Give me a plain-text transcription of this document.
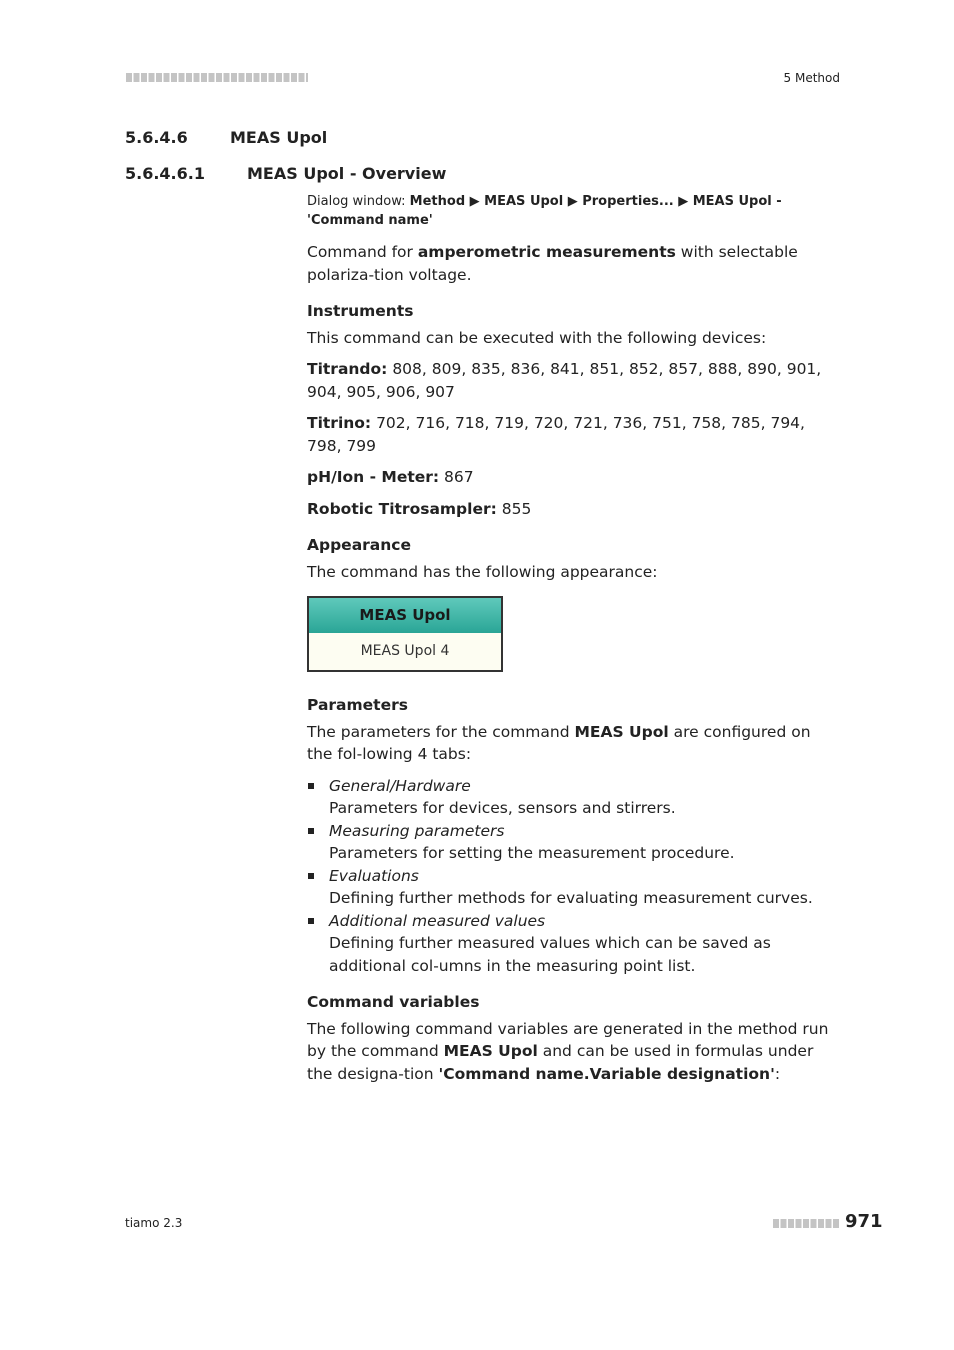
5 Method
5.6.4.6	MEAS Upol
5.6.4.6.1	MEAS Upol - Overview

Dialog window: Method ▶ MEAS Upol ▶ Properties... ▶ MEAS Upol - 'Command name'

Command for amperometric measurements with selectable polariza-tion voltage.

Instruments

This command can be executed with the following devices:

Titrando: 808, 809, 835, 836, 841, 851, 852, 857, 888, 890, 901, 904, 905, 906, 907

Titrino: 702, 716, 718, 719, 720, 721, 736, 751, 758, 785, 794, 798, 799

pH/Ion - Meter: 867

Robotic Titrosampler: 855

Appearance

The command has the following appearance:

MEAS Upol
MEAS Upol 4

Parameters

The parameters for the command MEAS Upol are configured on the fol-lowing 4 tabs:

General/Hardware
Parameters for devices, sensors and stirrers.
Measuring parameters
Parameters for setting the measurement procedure.
Evaluations
Defining further methods for evaluating measurement curves.
Additional measured values
Defining further measured values which can be saved as additional col-umns in the measuring point list.

Command variables

The following command variables are generated in the method run by the command MEAS Upol and can be used in formulas under the designa-tion 'Command name.Variable designation':

tiamo 2.3	971
